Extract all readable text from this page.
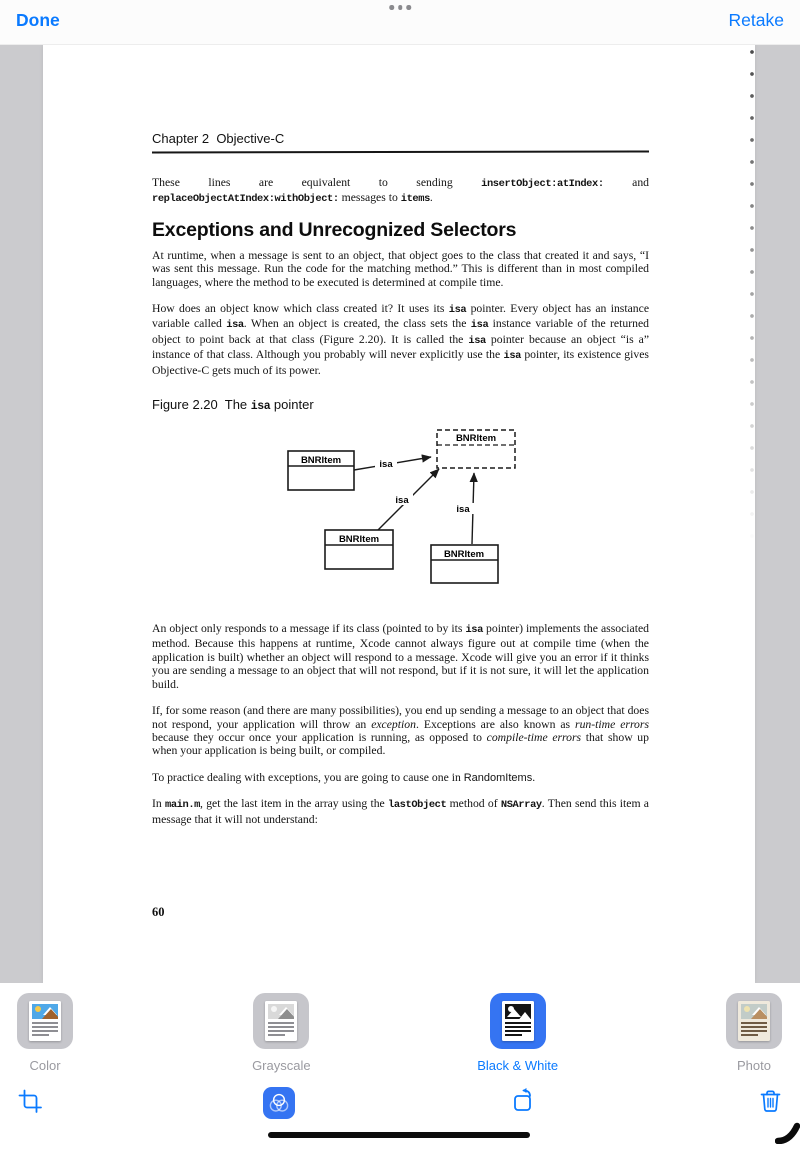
Done	Retake
Chapter 2  Objective-C

These lines are equivalent to sending insertObject:atIndex: and replaceObjectAtIndex:withObject: messages to items.

Exceptions and Unrecognized Selectors

At runtime, when a message is sent to an object, that object goes to the class that created it and says, “I was sent this message. Run the code for the matching method.” This is different than in most compiled languages, where the method to be executed is determined at compile time.

How does an object know which class created it? It uses its isa pointer. Every object has an instance variable called isa. When an object is created, the class sets the isa instance variable of the returned object to point back at that class (Figure 2.20). It is called the isa pointer because an object “is a” instance of that class. Although you probably will never explicitly use the isa pointer, its existence gives Objective-C gets much of its power.

Figure 2.20  The isa pointer
BNRItem
BNRItem
BNRItem
BNRItem
isa
isa
isa

An object only responds to a message if its class (pointed to by its isa pointer) implements the associated method. Because this happens at runtime, Xcode cannot always figure out at compile time (when the application is built) whether an object will respond to a message. Xcode will give you an error if it thinks you are sending a message to an object that will not respond, but if it is not sure, it will let the application build.

If, for some reason (and there are many possibilities), you end up sending a message to an object that does not respond, your application will throw an exception. Exceptions are also known as run-time errors because they occur once your application is running, as opposed to compile-time errors that show up when your application is being built, or compiled.

To practice dealing with exceptions, you are going to cause one in RandomItems.

In main.m, get the last item in the array using the lastObject method of NSArray. Then send this item a message that it will not understand:

60
Color	Grayscale	Black & White	Photo
